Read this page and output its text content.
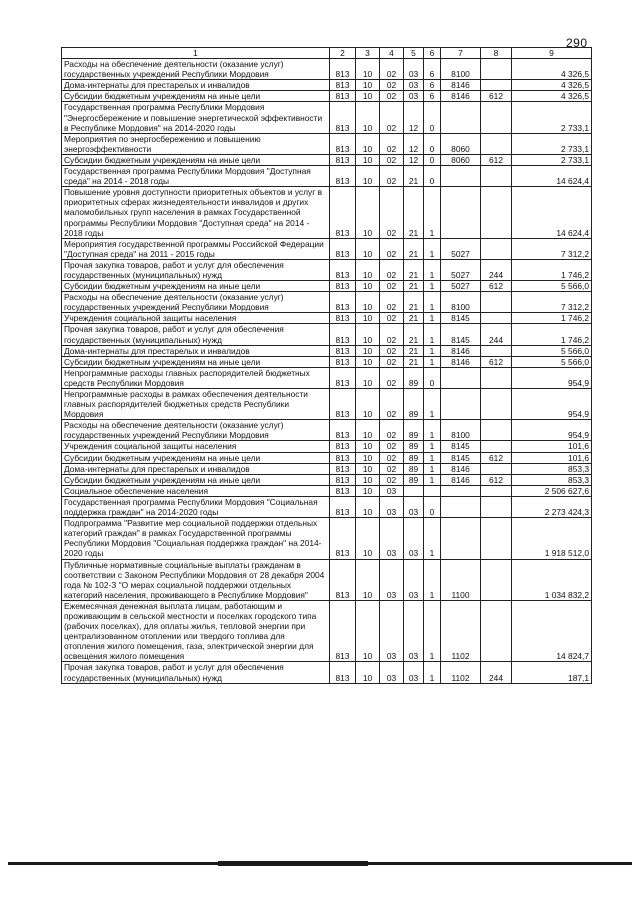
290
1	2	3	4	5	6	7	8	9
Расходы на обеспечение деятельности (оказание услуг) государственных учреждений Республики Мордовия	813	10	02	03	6	8100		4 326,5
Дома-интернаты для престарелых и инвалидов	813	10	02	03	6	8146		4 326,5
Субсидии бюджетным учреждениям на иные цели	813	10	02	03	6	8146	612	4 326,5
Государственная программа Республики Мордовия "Энергосбережение и повышение энергетической эффективности в Республике Мордовия" на 2014-2020 годы	813	10	02	12	0			2 733,1
Мероприятия по энергосбережению и повышению энергоэффективности	813	10	02	12	0	8060		2 733,1
Субсидии бюджетным учреждениям на иные цели	813	10	02	12	0	8060	612	2 733,1
Государственная программа Республики Мордовия "Доступная среда" на 2014 - 2018 годы	813	10	02	21	0			14 624,4
Повышение уровня доступности приоритетных объектов и услуг в приоритетных сферах жизнедеятельности инвалидов и других маломобильных групп населения в рамках Государственной программы Республики Мордовия "Доступная среда" на 2014 - 2018 годы	813	10	02	21	1			14 624,4
Мероприятия государственной программы Российской Федерации "Доступная среда" на 2011 - 2015 годы	813	10	02	21	1	5027		7 312,2
Прочая закупка товаров, работ и услуг для обеспечения государственных (муниципальных) нужд	813	10	02	21	1	5027	244	1 746,2
Субсидии бюджетным учреждениям на иные цели	813	10	02	21	1	5027	612	5 566,0
Расходы на обеспечение деятельности (оказание услуг) государственных учреждений Республики Мордовия	813	10	02	21	1	8100		7 312,2
Учреждения социальной защиты населения	813	10	02	21	1	8145		1 746,2
Прочая закупка товаров, работ и услуг для обеспечения государственных (муниципальных) нужд	813	10	02	21	1	8145	244	1 746,2
Дома-интернаты для престарелых и инвалидов	813	10	02	21	1	8146		5 566,0
Субсидии бюджетным учреждениям на иные цели	813	10	02	21	1	8146	612	5 566,0
Непрограммные расходы главных распорядителей бюджетных средств Республики Мордовия	813	10	02	89	0			954,9
Непрограммные расходы в рамках обеспечения деятельности главных распорядителей бюджетных средств Республики Мордовия	813	10	02	89	1			954,9
Расходы на обеспечение деятельности (оказание услуг) государственных учреждений Республики Мордовия	813	10	02	89	1	8100		954,9
Учреждения социальной защиты населения	813	10	02	89	1	8145		101,6
Субсидии бюджетным учреждениям на иные цели	813	10	02	89	1	8145	612	101,6
Дома-интернаты для престарелых и инвалидов	813	10	02	89	1	8146		853,3
Субсидии бюджетным учреждениям на иные цели	813	10	02	89	1	8146	612	853,3
Социальное обеспечение населения	813	10	03					2 506 627,6
Государственная программа Республики Мордовия "Социальная поддержка граждан" на 2014-2020 годы	813	10	03	03	0			2 273 424,3
Подпрограмма "Развитие мер социальной поддержки отдельных категорий граждан" в рамках Государственной программы Республики Мордовия "Социальная поддержка граждан" на 2014-2020 годы	813	10	03	03	1			1 918 512,0
Публичные нормативные социальные выплаты гражданам в соответствии с Законом Республики Мордовия от 28 декабря 2004 года № 102-З "О мерах социальной поддержки отдельных категорий населения, проживающего в Республике Мордовия"	813	10	03	03	1	1100		1 034 832,2
Ежемесячная денежная выплата лицам, работающим и проживающим в сельской местности и поселках городского типа (рабочих поселках), для оплаты жилья, тепловой энергии при централизованном отоплении или твердого топлива для отопления жилого помещения, газа, электрической энергии для освещения жилого помещения	813	10	03	03	1	1102		14 824,7
Прочая закупка товаров, работ и услуг для обеспечения государственных (муниципальных) нужд	813	10	03	03	1	1102	244	187,1
